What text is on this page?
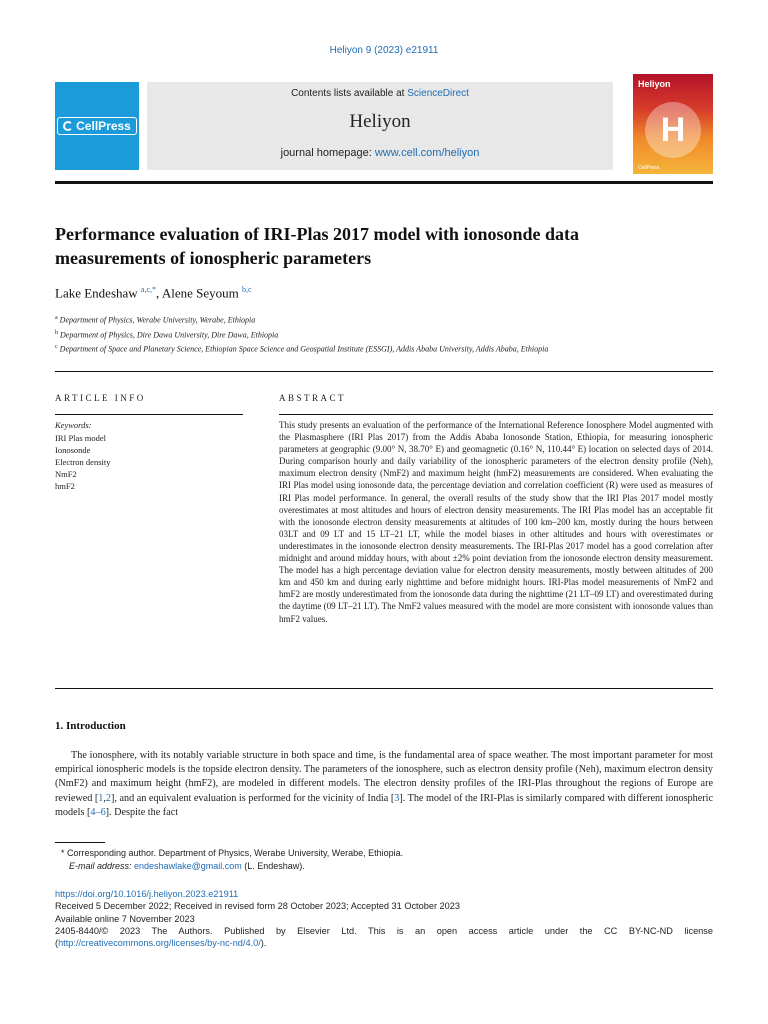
Heliyon 9 (2023) e21911
CellPress
Contents lists available at ScienceDirect
Heliyon
journal homepage: www.cell.com/heliyon
Heliyon
H
CellPress
Performance evaluation of IRI-Plas 2017 model with ionosonde data measurements of ionospheric parameters
Lake Endeshaw $^{a,c,*}$, Alene Seyoum $^{b,c}$
$^a$ Department of Physics, Werabe University, Werabe, Ethiopia
$^b$ Department of Physics, Dire Dawa University, Dire Dawa, Ethiopia
$^c$ Department of Space and Planetary Science, Ethiopian Space Science and Geospatial Institute (ESSGI), Addis Ababa University, Addis Ababa, Ethiopia
ARTICLE INFO	ABSTRACT
Keywords:
IRI Plas model
Ionosonde
Electron density
NmF2
hmF2

This study presents an evaluation of the performance of the International Reference Ionosphere Model augmented with the Plasmasphere (IRI Plas 2017) from the Addis Ababa Ionosonde Station, Ethiopia, for measuring ionospheric parameters at geographic (9.00° N, 38.70° E) and geomagnetic (0.16° N, 110.44° E) location on selected days of 2014. During comparison hourly and daily variability of the ionospheric parameters of the electron density profile (Neh), maximum electron density (NmF2) and maximum height (hmF2) measurements are considered. When evaluating the IRI Plas model using ionosonde data, the percentage deviation and correlation coefficient (R) were used as measures of IRI Plas model performance. In general, the overall results of the study show that the IRI Plas 2017 model mostly overestimates at most altitudes and hours of electron density measurements. The IRI Plas model has an acceptable fit with the ionosonde electron density measurements at altitudes of 100 km–200 km, mostly during the hours between 03LT and 09 LT and 15 LT–21 LT, while the model biases in other altitudes and hours with overestimates or underestimates in the ionosonde electron density measurements. The IRI-Plas 2017 model has a good correlation after midnight and around midday hours, with about ±2% point deviation from the ionosonde electron density measurement. The model has a high percentage deviation value for electron density measurements, mostly between altitudes of 200 km and 450 km and during early nighttime and before midnight hours. IRI-Plas model measurements of NmF2 and hmF2 are mostly underestimated from the ionosonde data during the nighttime (21 LT–09 LT) and overestimated during the daytime (09 LT–21 LT). The NmF2 values measured with the model are more consistent with ionosonde values than hmF2 values.

1. Introduction

The ionosphere, with its notably variable structure in both space and time, is the fundamental area of space weather. The most important parameter for most empirical ionospheric models is the topside electron density. The parameters of the ionosphere, such as electron density profile (Neh), maximum electron density (NmF2) and maximum height (hmF2), are modeled in different models. The electron density profiles of the IRI-Plas throughout the regions of Europe are reviewed [1,2], and an equivalent evaluation is performed for the vicinity of India [3]. The model of the IRI-Plas is similarly compared with different ionospheric models [4–6]. Despite the fact

* Corresponding author. Department of Physics, Werabe University, Werabe, Ethiopia.
E-mail address: endeshawlake@gmail.com (L. Endeshaw).
https://doi.org/10.1016/j.heliyon.2023.e21911
Received 5 December 2022; Received in revised form 28 October 2023; Accepted 31 October 2023
Available online 7 November 2023
2405-8440/© 2023 The Authors. Published by Elsevier Ltd. This is an open access article under the CC BY-NC-ND license
(http://creativecommons.org/licenses/by-nc-nd/4.0/).
